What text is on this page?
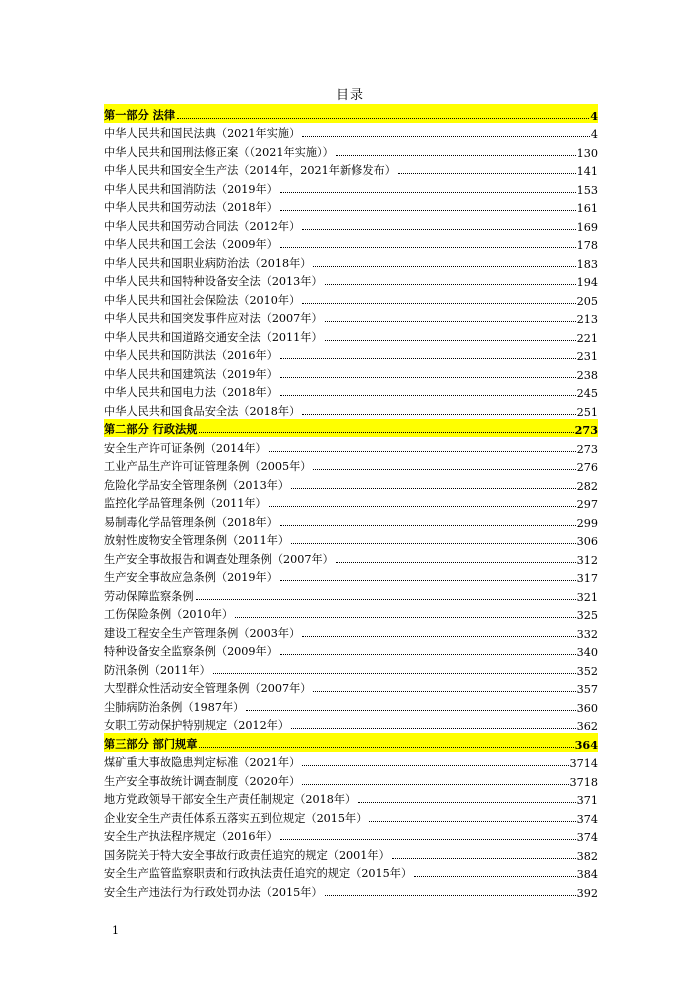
目录
第一部分 法律	4
中华人民共和国民法典（2021年实施）	4
中华人民共和国刑法修正案（（2021年实施））	130
中华人民共和国安全生产法（2014年，2021年新修发布）	141
中华人民共和国消防法（2019年）	153
中华人民共和国劳动法（2018年）	161
中华人民共和国劳动合同法（2012年）	169
中华人民共和国工会法（2009年）	178
中华人民共和国职业病防治法（2018年）	183
中华人民共和国特种设备安全法（2013年）	194
中华人民共和国社会保险法（2010年）	205
中华人民共和国突发事件应对法（2007年）	213
中华人民共和国道路交通安全法（2011年）	221
中华人民共和国防洪法（2016年）	231
中华人民共和国建筑法（2019年）	238
中华人民共和国电力法（2018年）	245
中华人民共和国食品安全法（2018年）	251
第二部分 行政法规	273
安全生产许可证条例（2014年）	273
工业产品生产许可证管理条例（2005年）	276
危险化学品安全管理条例（2013年）	282
监控化学品管理条例（2011年）	297
易制毒化学品管理条例（2018年）	299
放射性废物安全管理条例（2011年）	306
生产安全事故报告和调查处理条例（2007年）	312
生产安全事故应急条例（2019年）	317
劳动保障监察条例	321
工伤保险条例（2010年）	325
建设工程安全生产管理条例（2003年）	332
特种设备安全监察条例（2009年）	340
防汛条例（2011年）	352
大型群众性活动安全管理条例（2007年）	357
尘肺病防治条例（1987年）	360
女职工劳动保护特别规定（2012年）	362
第三部分 部门规章	364
煤矿重大事故隐患判定标准（2021年）	3714
生产安全事故统计调查制度（2020年）	3718
地方党政领导干部安全生产责任制规定（2018年）	371
企业安全生产责任体系五落实五到位规定（2015年）	374
安全生产执法程序规定（2016年）	374
国务院关于特大安全事故行政责任追究的规定（2001年）	382
安全生产监管监察职责和行政执法责任追究的规定（2015年）	384
安全生产违法行为行政处罚办法（2015年）	392
1
